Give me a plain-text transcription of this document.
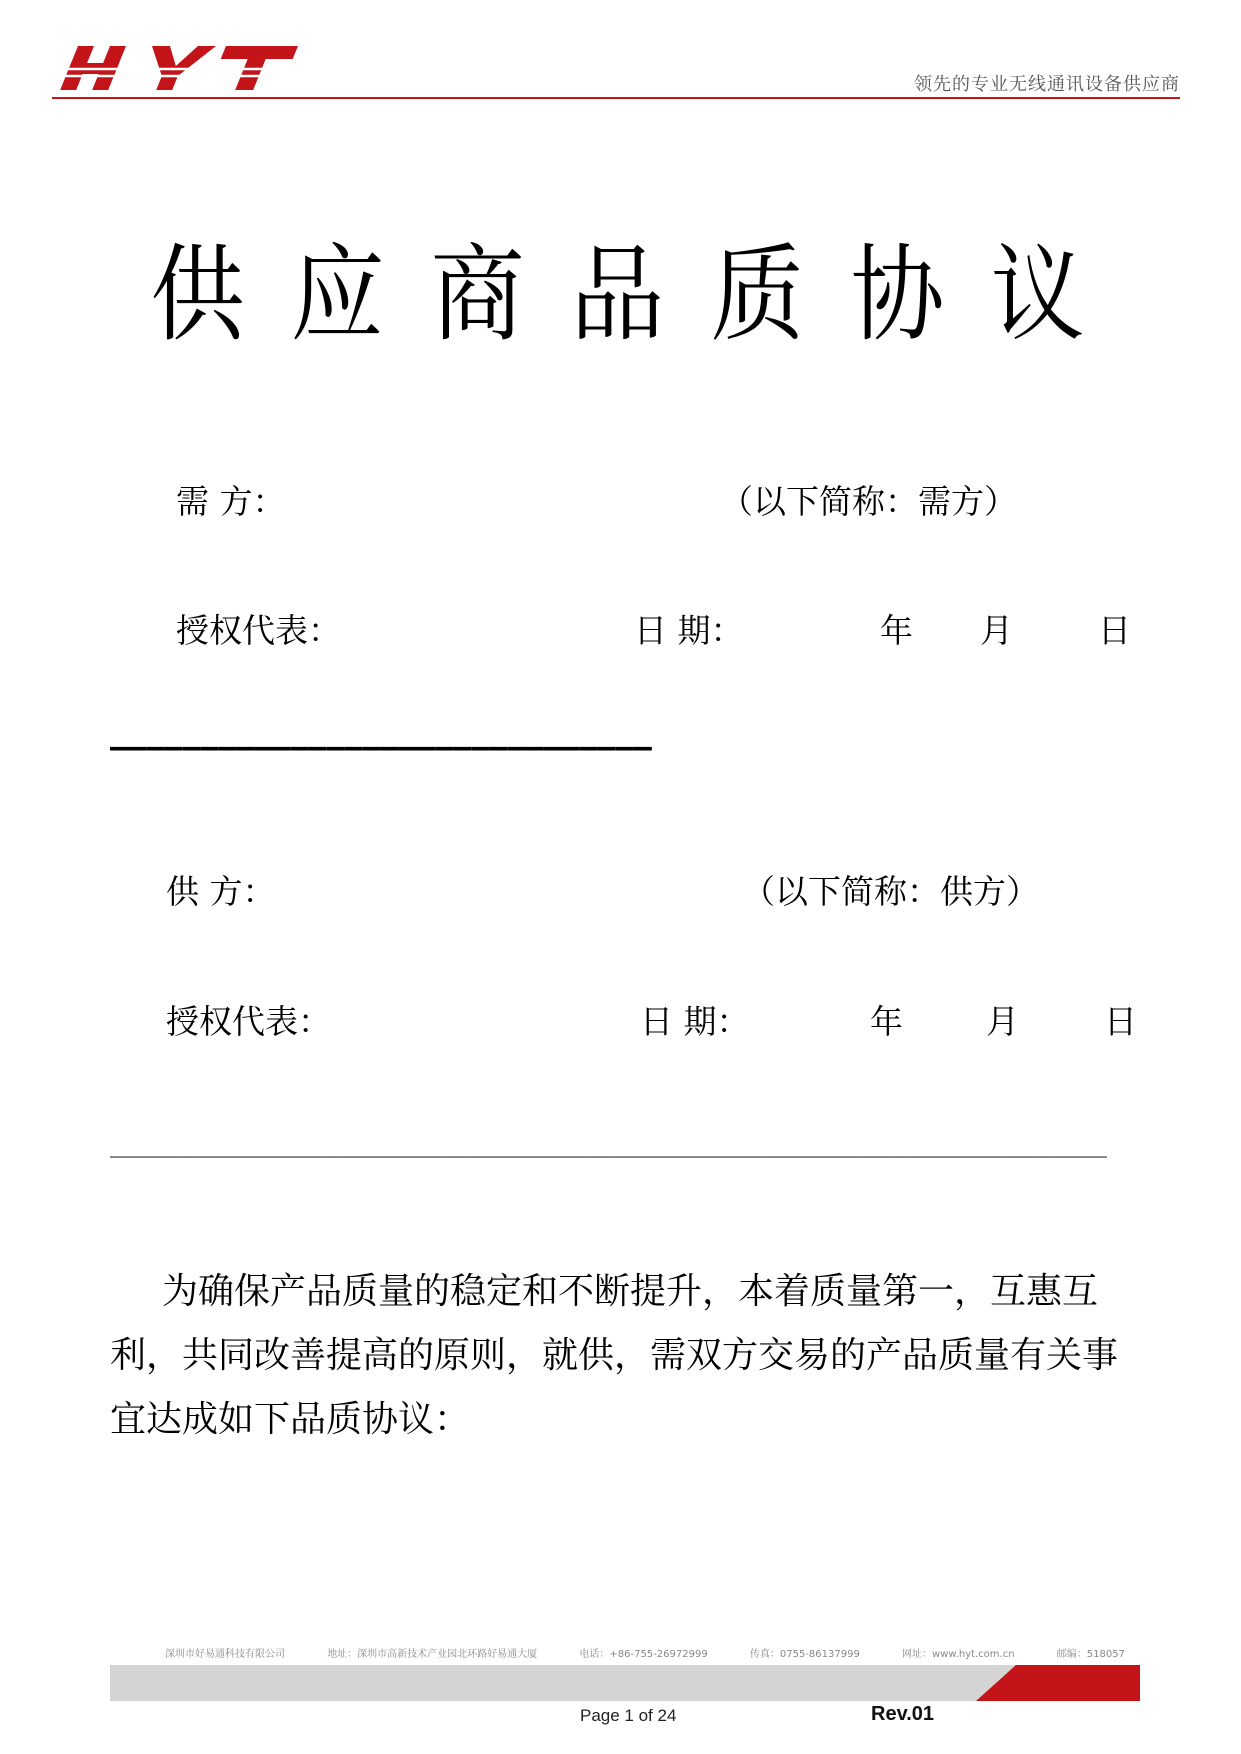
领先的专业无线通讯设备供应商
供应商品质协议
需 方：	（以下简称：需方）
授权代表：	日 期：	年 月	日
——————————————————————————————
供 方：	（以下简称：供方）
授权代表：	日 期：	年	月	日
_____________________________________________________________________
为确保产品质量的稳定和不断提升，本着质量第一，互惠互利，共同改善提高的原则，就供，需双方交易的产品质量有关事宜达成如下品质协议：
深圳市好易通科技有限公司	地址：深圳市高新技术产业园北环路好易通大厦	电话：+86-755-26972999	传真：0755-86137999	网址：www.hyt.com.cn	邮编：518057
Page 1 of 24	Rev.01
